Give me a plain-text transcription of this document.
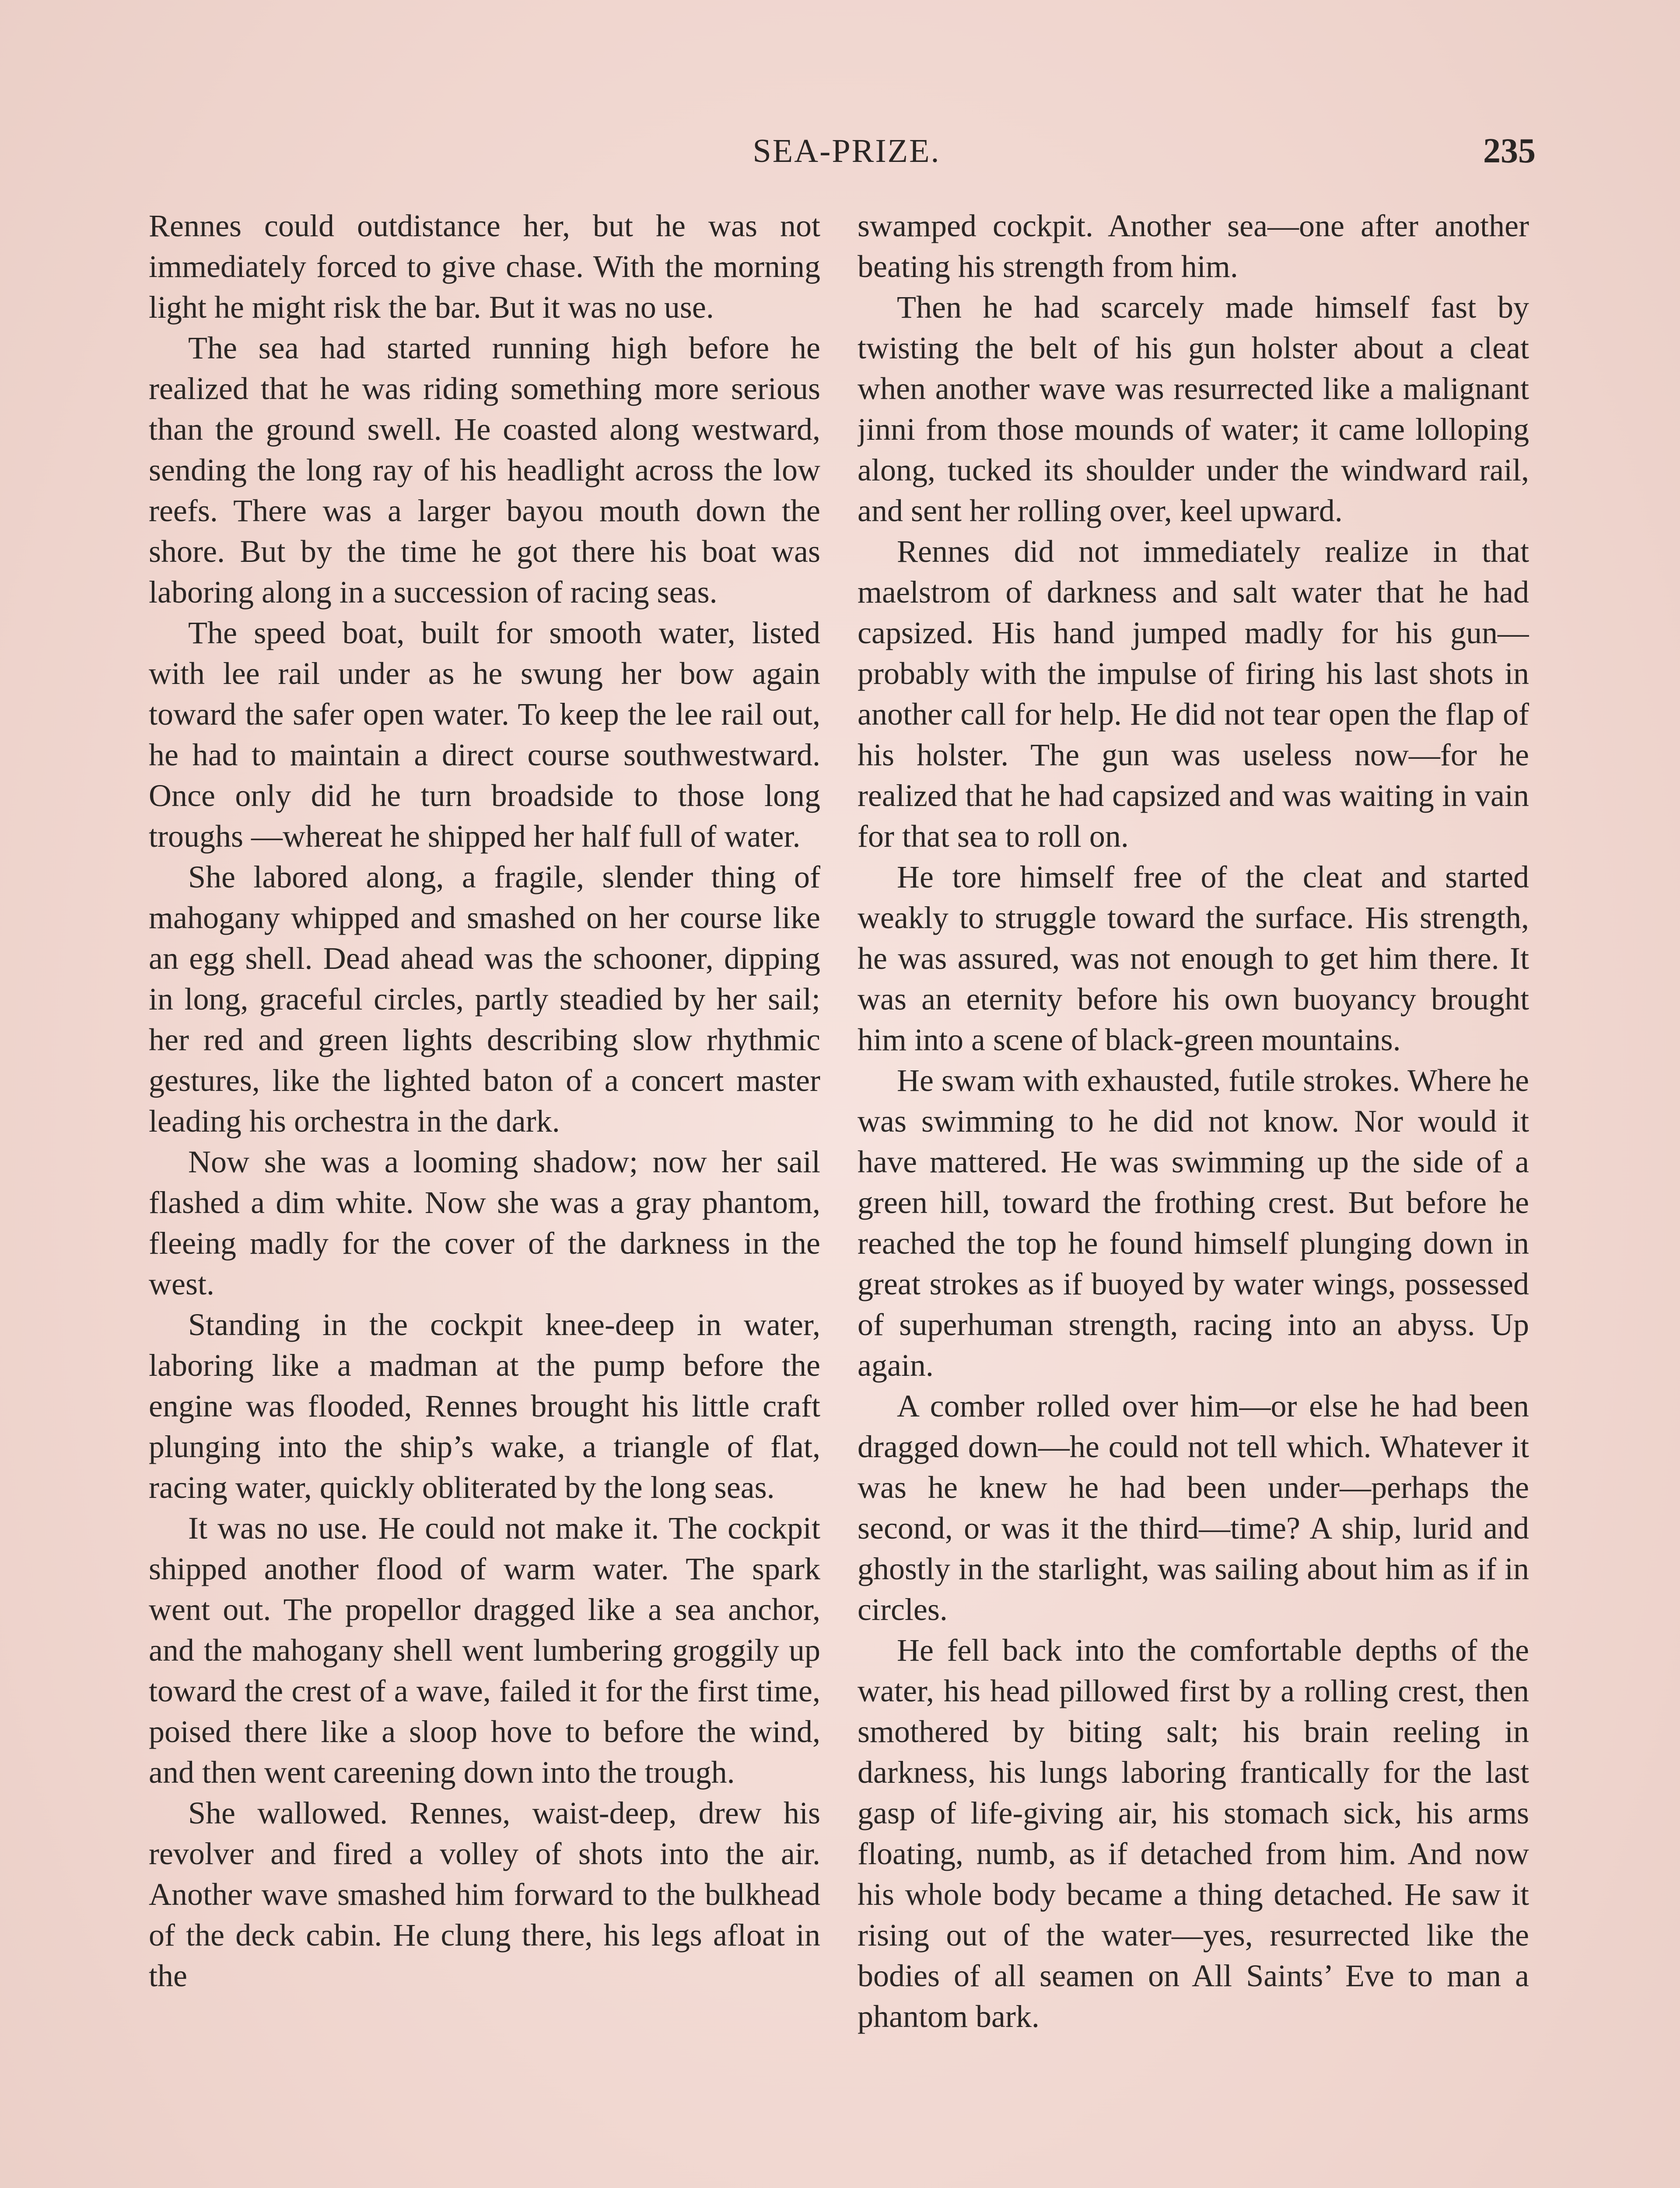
SEA-PRIZE.	235

Rennes could outdistance her, but he was not immediately forced to give chase. With the morning light he might risk the bar. But it was no use.

The sea had started running high before he realized that he was riding something more serious than the ground swell. He coasted along westward, sending the long ray of his headlight across the low reefs. There was a larger bayou mouth down the shore. But by the time he got there his boat was laboring along in a succession of racing seas.

The speed boat, built for smooth water, listed with lee rail under as he swung her bow again toward the safer open water. To keep the lee rail out, he had to maintain a direct course southwestward. Once only did he turn broadside to those long troughs —whereat he shipped her half full of water.

She labored along, a fragile, slender thing of mahogany whipped and smashed on her course like an egg shell. Dead ahead was the schooner, dipping in long, graceful circles, partly steadied by her sail; her red and green lights describing slow rhythmic gestures, like the lighted baton of a concert master leading his orchestra in the dark.

Now she was a looming shadow; now her sail flashed a dim white. Now she was a gray phantom, fleeing madly for the cover of the darkness in the west.

Standing in the cockpit knee-deep in water, laboring like a madman at the pump before the engine was flooded, Rennes brought his little craft plunging into the ship’s wake, a triangle of flat, racing water, quickly obliterated by the long seas.

It was no use. He could not make it. The cockpit shipped another flood of warm water. The spark went out. The propellor dragged like a sea anchor, and the mahogany shell went lumbering groggily up toward the crest of a wave, failed it for the first time, poised there like a sloop hove to before the wind, and then went careening down into the trough.

She wallowed. Rennes, waist-deep, drew his revolver and fired a volley of shots into the air. Another wave smashed him forward to the bulkhead of the deck cabin. He clung there, his legs afloat in the

swamped cockpit. Another sea—one after another beating his strength from him.

Then he had scarcely made himself fast by twisting the belt of his gun holster about a cleat when another wave was resurrected like a malignant jinni from those mounds of water; it came lolloping along, tucked its shoulder under the windward rail, and sent her rolling over, keel upward.

Rennes did not immediately realize in that maelstrom of darkness and salt water that he had capsized. His hand jumped madly for his gun—probably with the impulse of firing his last shots in another call for help. He did not tear open the flap of his holster. The gun was useless now—for he realized that he had capsized and was waiting in vain for that sea to roll on.

He tore himself free of the cleat and started weakly to struggle toward the surface. His strength, he was assured, was not enough to get him there. It was an eternity before his own buoyancy brought him into a scene of black-green mountains.

He swam with exhausted, futile strokes. Where he was swimming to he did not know. Nor would it have mattered. He was swimming up the side of a green hill, toward the frothing crest. But before he reached the top he found himself plunging down in great strokes as if buoyed by water wings, possessed of superhuman strength, racing into an abyss. Up again.

A comber rolled over him—or else he had been dragged down—he could not tell which. Whatever it was he knew he had been under—perhaps the second, or was it the third—time? A ship, lurid and ghostly in the starlight, was sailing about him as if in circles.

He fell back into the comfortable depths of the water, his head pillowed first by a rolling crest, then smothered by biting salt; his brain reeling in darkness, his lungs laboring frantically for the last gasp of life-giving air, his stomach sick, his arms floating, numb, as if detached from him. And now his whole body became a thing detached. He saw it rising out of the water—yes, resurrected like the bodies of all seamen on All Saints’ Eve to man a phantom bark.
